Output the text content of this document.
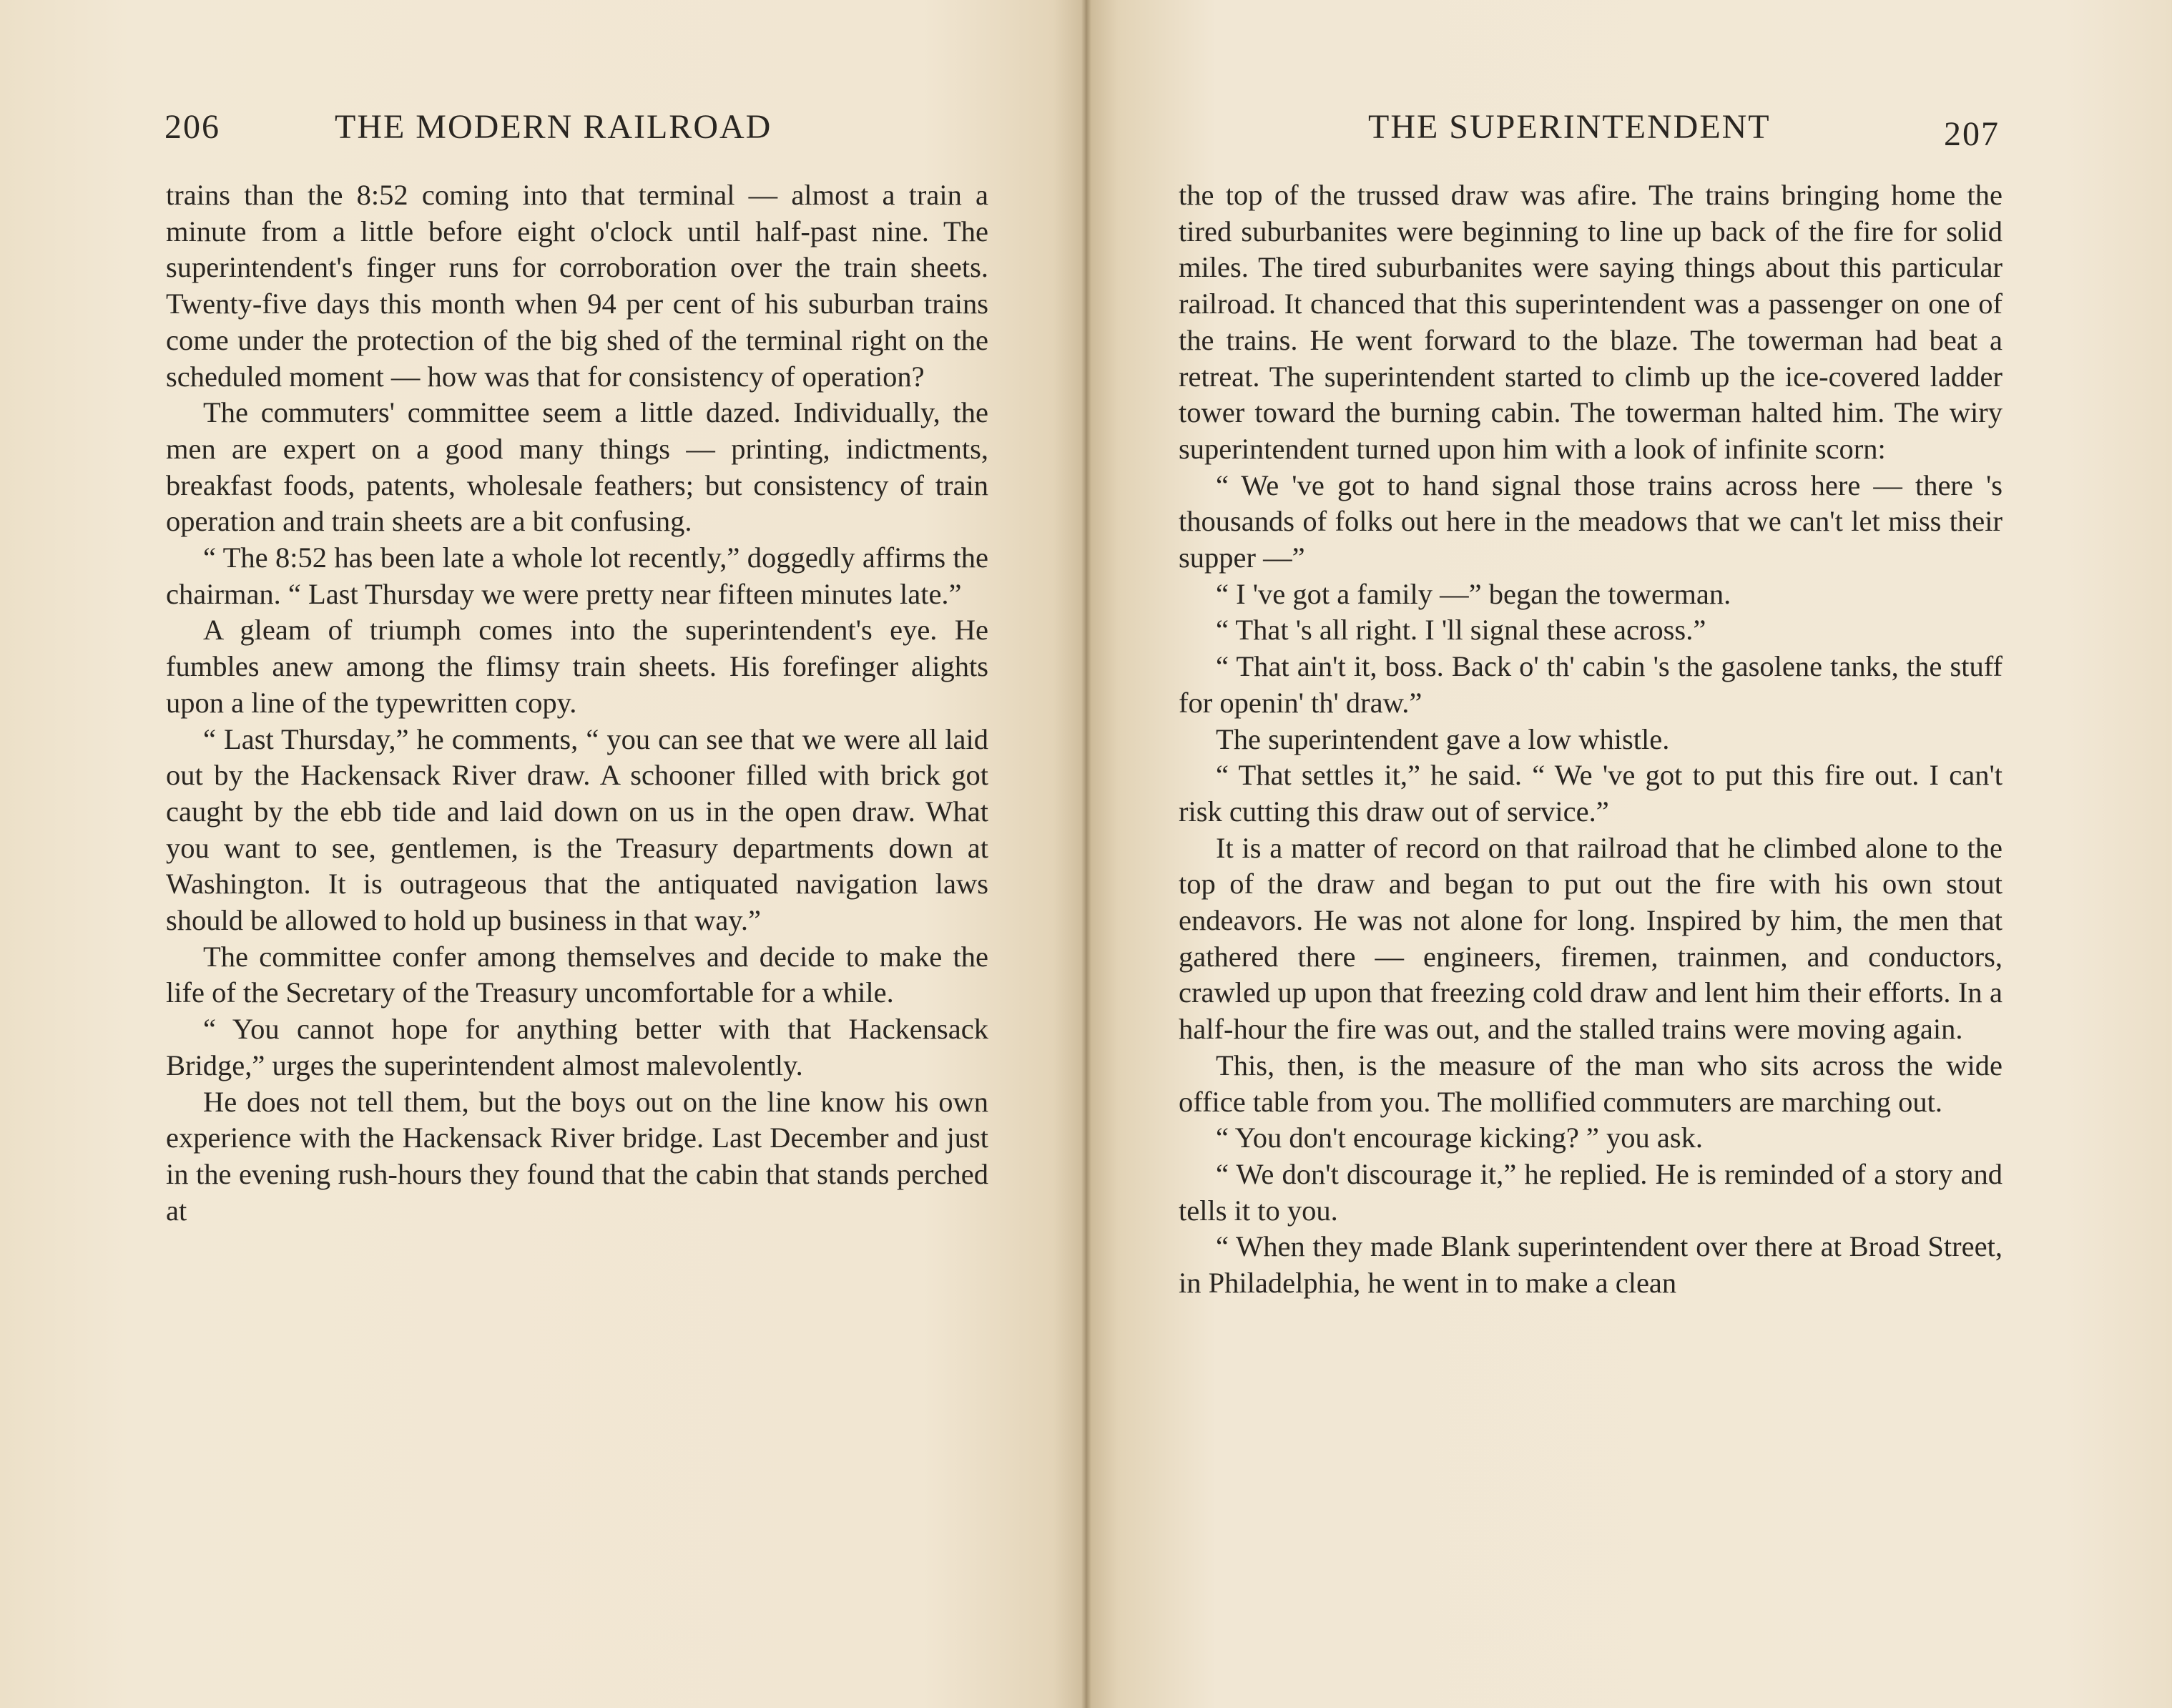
206	THE MODERN RAILROAD

trains than the 8:52 coming into that terminal — almost a train a minute from a little before eight o'clock until half-past nine. The superintendent's finger runs for corroboration over the train sheets. Twenty-five days this month when 94 per cent of his suburban trains come under the protection of the big shed of the terminal right on the scheduled moment — how was that for consistency of operation?

The commuters' committee seem a little dazed. Individually, the men are expert on a good many things — printing, indictments, breakfast foods, patents, wholesale feathers; but consistency of train operation and train sheets are a bit confusing.

“ The 8:52 has been late a whole lot recently,” doggedly affirms the chairman. “ Last Thursday we were pretty near fifteen minutes late.”

A gleam of triumph comes into the superintendent's eye. He fumbles anew among the flimsy train sheets. His forefinger alights upon a line of the typewritten copy.

“ Last Thursday,” he comments, “ you can see that we were all laid out by the Hackensack River draw. A schooner filled with brick got caught by the ebb tide and laid down on us in the open draw. What you want to see, gentlemen, is the Treasury departments down at Washington. It is outrageous that the antiquated navigation laws should be allowed to hold up business in that way.”

The committee confer among themselves and decide to make the life of the Secretary of the Treasury uncomfortable for a while.

“ You cannot hope for anything better with that Hackensack Bridge,” urges the superintendent almost malevolently.

He does not tell them, but the boys out on the line know his own experience with the Hackensack River bridge. Last December and just in the evening rush-hours they found that the cabin that stands perched at

THE SUPERINTENDENT	207

the top of the trussed draw was afire. The trains bringing home the tired suburbanites were beginning to line up back of the fire for solid miles. The tired suburbanites were saying things about this particular railroad. It chanced that this superintendent was a passenger on one of the trains. He went forward to the blaze. The towerman had beat a retreat. The superintendent started to climb up the ice-covered ladder tower toward the burning cabin. The towerman halted him. The wiry superintendent turned upon him with a look of infinite scorn:

“ We 've got to hand signal those trains across here — there 's thousands of folks out here in the meadows that we can't let miss their supper —”

“ I 've got a family —” began the towerman.

“ That 's all right. I 'll signal these across.”

“ That ain't it, boss. Back o' th' cabin 's the gasolene tanks, the stuff for openin' th' draw.”

The superintendent gave a low whistle.

“ That settles it,” he said. “ We 've got to put this fire out. I can't risk cutting this draw out of service.”

It is a matter of record on that railroad that he climbed alone to the top of the draw and began to put out the fire with his own stout endeavors. He was not alone for long. Inspired by him, the men that gathered there — engineers, firemen, trainmen, and conductors, crawled up upon that freezing cold draw and lent him their efforts. In a half-hour the fire was out, and the stalled trains were moving again.

This, then, is the measure of the man who sits across the wide office table from you. The mollified commuters are marching out.

“ You don't encourage kicking? ” you ask.

“ We don't discourage it,” he replied. He is reminded of a story and tells it to you.

“ When they made Blank superintendent over there at Broad Street, in Philadelphia, he went in to make a clean
